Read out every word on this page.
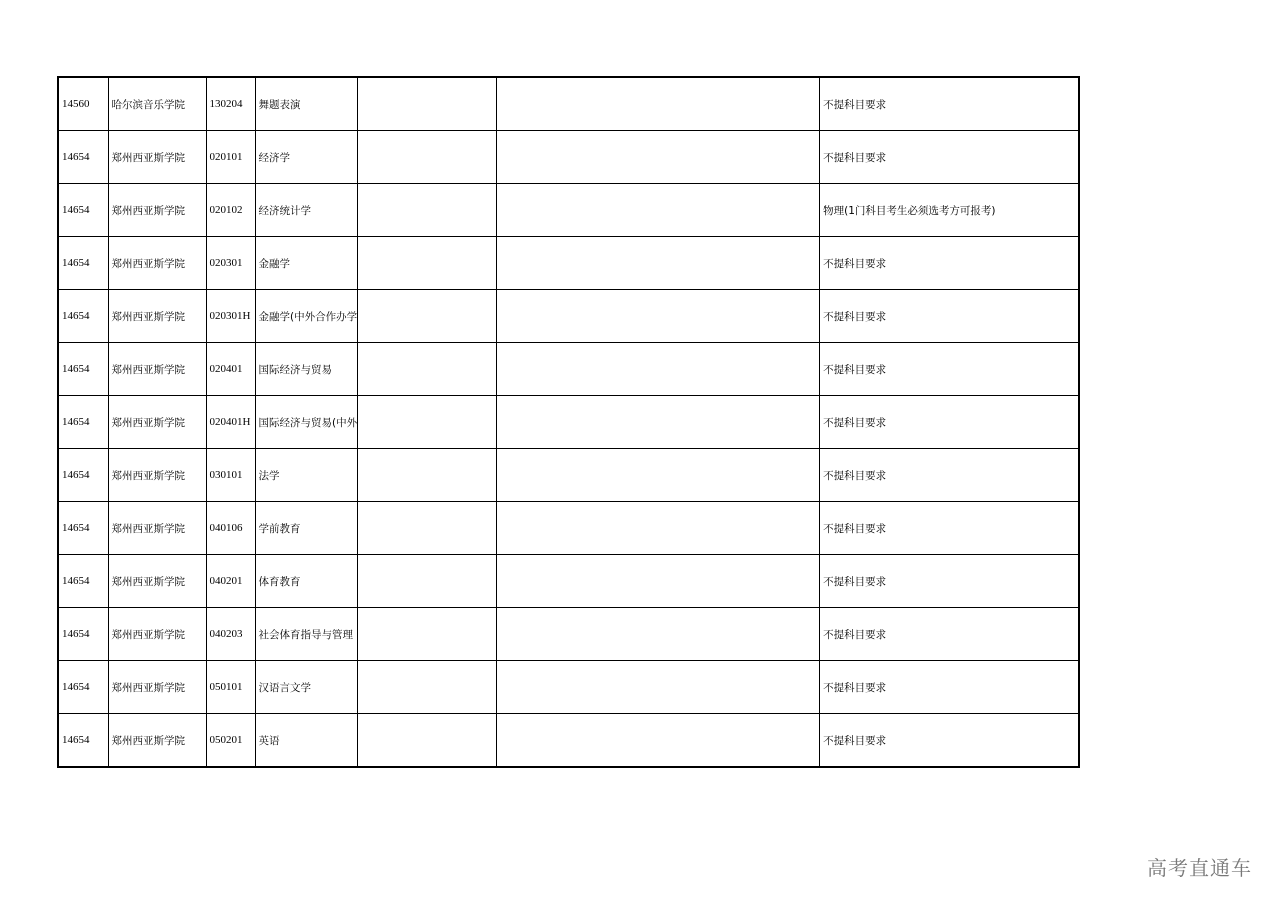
14560	哈尔滨音乐学院	130204	舞题表演			不提科目要求
14654	郑州西亚斯学院	020101	经济学			不提科目要求
14654	郑州西亚斯学院	020102	经济统计学			物理(1门科目考生必须选考方可报考)
14654	郑州西亚斯学院	020301	金融学			不提科目要求
14654	郑州西亚斯学院	020301H	金融学(中外合作办学			不提科目要求
14654	郑州西亚斯学院	020401	国际经济与贸易			不提科目要求
14654	郑州西亚斯学院	020401H	国际经济与贸易(中外			不提科目要求
14654	郑州西亚斯学院	030101	法学			不提科目要求
14654	郑州西亚斯学院	040106	学前教育			不提科目要求
14654	郑州西亚斯学院	040201	体育教育			不提科目要求
14654	郑州西亚斯学院	040203	社会体育指导与管理			不提科目要求
14654	郑州西亚斯学院	050101	汉语言文学			不提科目要求
14654	郑州西亚斯学院	050201	英语			不提科目要求
高考直通车
